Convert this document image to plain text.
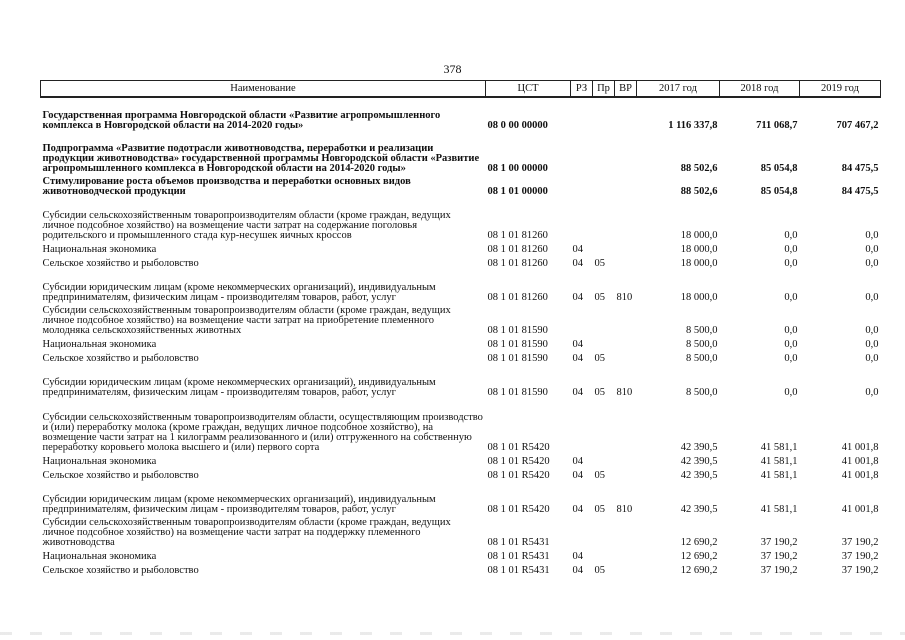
378
Наименование	ЦСТ	РЗ	Пр	ВР	2017 год	2018 год	2019 год
Государственная программа Новгородской области «Развитие агропромышленного комплекса в Новгородской области на 2014-2020 годы»	08 0 00 00000				1 116 337,8	711 068,7	707 467,2
Подпрограмма «Развитие подотрасли животноводства, переработки и реализации продукции животноводства» государственной программы Новгородской области «Развитие агропромышленного комплекса в Новгородской области на 2014-2020 годы»	08 1 00 00000				88 502,6	85 054,8	84 475,5
Стимулирование роста объемов производства и переработки основных видов животноводческой продукции	08 1 01 00000				88 502,6	85 054,8	84 475,5
Субсидии сельскохозяйственным товаропроизводителям области (кроме граждан, ведущих личное подсобное хозяйство) на возмещение части затрат на содержание поголовья родительского и промышленного стада кур-несушек яичных кроссов	08 1 01 81260				18 000,0	0,0	0,0
Национальная экономика	08 1 01 81260	04			18 000,0	0,0	0,0
Сельское хозяйство и рыболовство	08 1 01 81260	04	05		18 000,0	0,0	0,0
Субсидии юридическим лицам (кроме некоммерческих организаций), индивидуальным предпринимателям, физическим лицам - производителям товаров, работ, услуг	08 1 01 81260	04	05	810	18 000,0	0,0	0,0
Субсидии сельскохозяйственным товаропроизводителям области (кроме граждан, ведущих личное подсобное хозяйство) на возмещение части затрат на приобретение племенного молодняка сельскохозяйственных животных	08 1 01 81590				8 500,0	0,0	0,0
Национальная экономика	08 1 01 81590	04			8 500,0	0,0	0,0
Сельское хозяйство и рыболовство	08 1 01 81590	04	05		8 500,0	0,0	0,0
Субсидии юридическим лицам (кроме некоммерческих организаций), индивидуальным предпринимателям, физическим лицам - производителям товаров, работ, услуг	08 1 01 81590	04	05	810	8 500,0	0,0	0,0
Субсидии сельскохозяйственным товаропроизводителям области, осуществляющим производство и (или) переработку молока (кроме граждан, ведущих личное подсобное хозяйство), на возмещение части затрат на 1 килограмм реализованного и (или) отгруженного на собственную переработку коровьего молока высшего и (или) первого сорта	08 1 01 R5420				42 390,5	41 581,1	41 001,8
Национальная экономика	08 1 01 R5420	04			42 390,5	41 581,1	41 001,8
Сельское хозяйство и рыболовство	08 1 01 R5420	04	05		42 390,5	41 581,1	41 001,8
Субсидии юридическим лицам (кроме некоммерческих организаций), индивидуальным предпринимателям, физическим лицам - производителям товаров, работ, услуг	08 1 01 R5420	04	05	810	42 390,5	41 581,1	41 001,8
Субсидии сельскохозяйственным товаропроизводителям области (кроме граждан, ведущих личное подсобное хозяйство) на возмещение части затрат на поддержку племенного животноводства	08 1 01 R5431				12 690,2	37 190,2	37 190,2
Национальная экономика	08 1 01 R5431	04			12 690,2	37 190,2	37 190,2
Сельское хозяйство и рыболовство	08 1 01 R5431	04	05		12 690,2	37 190,2	37 190,2
